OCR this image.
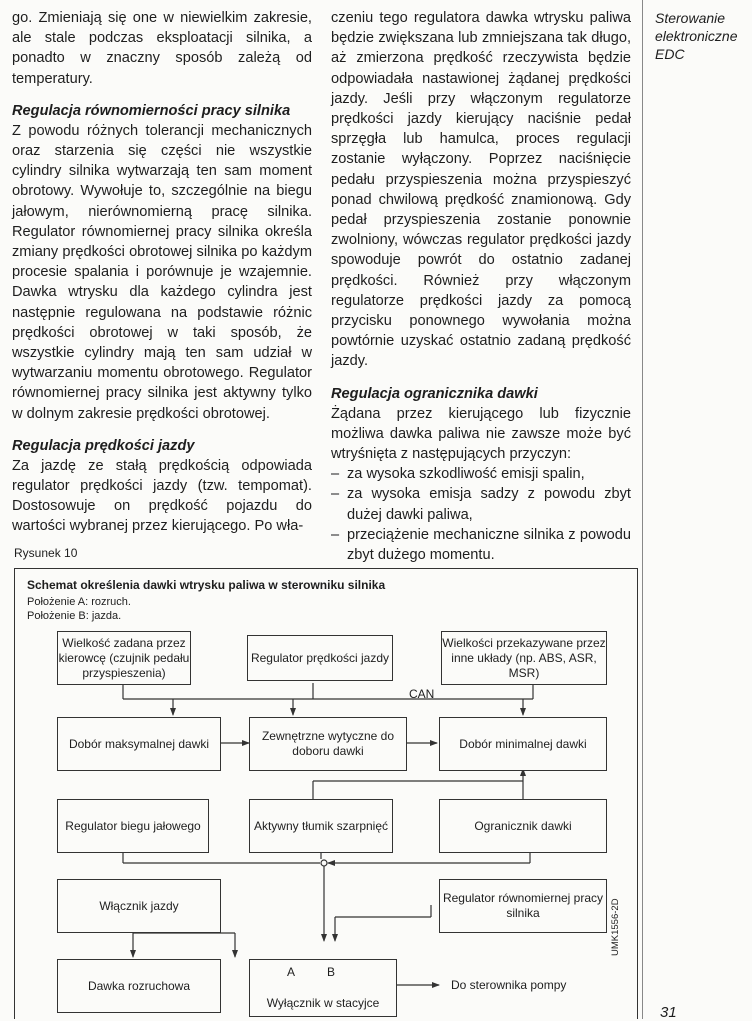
go. Zmieniają się one w niewielkim zakresie, ale stale podczas eksploatacji silnika, a ponadto w znaczny sposób zależą od temperatury.

Regulacja równomierności pracy silnika

Z powodu różnych tolerancji mechanicznych oraz starzenia się części nie wszystkie cylindry silnika wytwarzają ten sam moment obrotowy. Wywołuje to, szczególnie na biegu jałowym, nierównomierną pracę silnika. Regulator równomiernej pracy silnika określa zmiany prędkości obrotowej silnika po każdym procesie spalania i porównuje je wzajemnie. Dawka wtrysku dla każdego cylindra jest następnie regulowana na podstawie różnic prędkości obrotowej w taki sposób, że wszystkie cylindry mają ten sam udział w wytwarzaniu momentu obrotowego. Regulator równomiernej pracy silnika jest aktywny tylko w dolnym zakresie prędkości obrotowej.

Regulacja prędkości jazdy

Za jazdę ze stałą prędkością odpowiada regulator prędkości jazdy (tzw. tempomat). Dostosowuje on prędkość pojazdu do wartości wybranej przez kierującego. Po wła-

czeniu tego regulatora dawka wtrysku paliwa będzie zwiększana lub zmniejszana tak długo, aż zmierzona prędkość rzeczywista będzie odpowiadała nastawionej żądanej prędkości jazdy. Jeśli przy włączonym regulatorze prędkości jazdy kierujący naciśnie pedał sprzęgła lub hamulca, proces regulacji zostanie wyłączony. Poprzez naciśnięcie pedału przyspieszenia można przyspieszyć ponad chwilową prędkość znamionową. Gdy pedał przyspieszenia zostanie ponownie zwolniony, wówczas regulator prędkości jazdy spowoduje powrót do ostatnio zadanej prędkości. Również przy włączonym regulatorze prędkości jazdy za pomocą przycisku ponownego wywołania można powtórnie uzyskać ostatnio zadaną prędkość jazdy.

Regulacja ogranicznika dawki

Żądana przez kierującego lub fizycznie możliwa dawka paliwa nie zawsze może być wtryśnięta z następujących przyczyn:

– za wysoka szkodliwość emisji spalin,
– za wysoka emisja sadzy z powodu zbyt dużej dawki paliwa,
– przeciążenie mechaniczne silnika z powodu zbyt dużego momentu.
Sterowanie
elektroniczne
EDC
Rysunek 10
Schemat określenia dawki wtrysku paliwa w sterowniku silnika
Położenie A: rozruch.
Położenie B: jazda.
Wielkość zadana przez kierowcę (czujnik pedału przyspieszenia)
Regulator prędkości jazdy
Wielkości przekazywane przez inne układy (np. ABS, ASR, MSR)
CAN
Dobór maksymalnej dawki
Zewnętrzne wytyczne do doboru dawki
Dobór minimalnej dawki
Regulator biegu jałowego	Aktywny tłumik szarpnięć	Ogranicznik dawki
Włącznik jazdy
Regulator równomiernej pracy silnika
Dawka rozruchowa
Wyłącznik w stacyjce
A	B
Do sterownika pompy
UMK1556-2D
31
